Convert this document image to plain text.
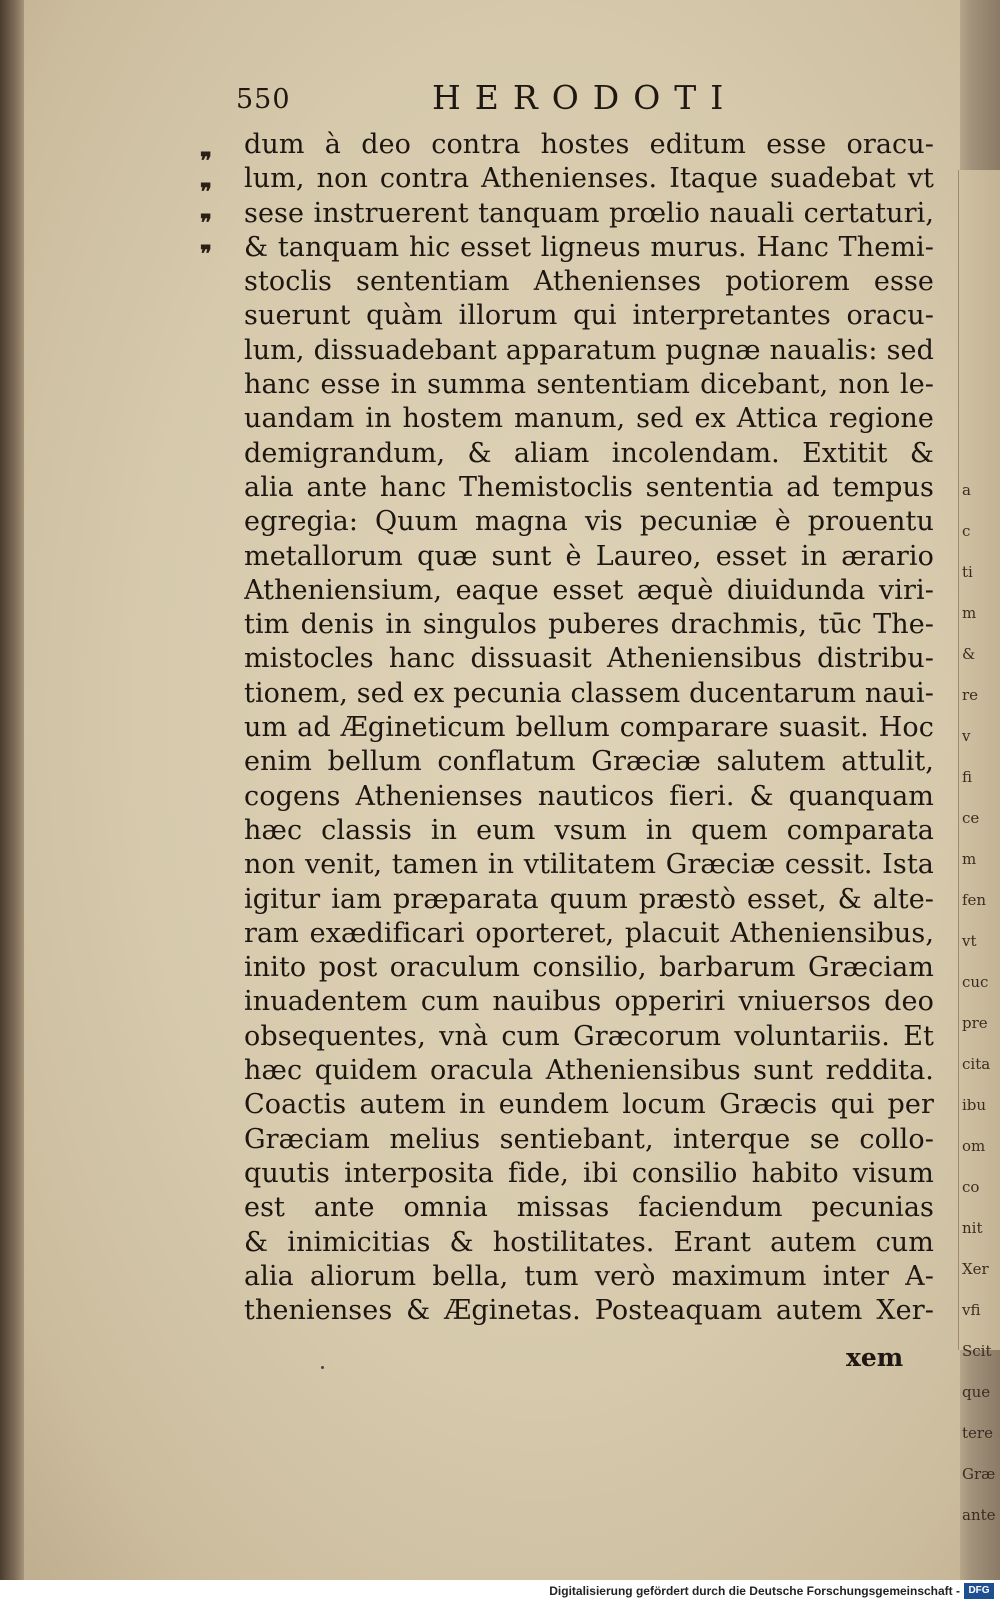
550	HERODOTI
❞
❞
❞
❞
dum à deo contra hostes editum esse oracu-
lum, non contra Athenienses. Itaque suadebat vt
sese instruerent tanquam prœlio nauali certaturi,
& tanquam hic esset ligneus murus. Hanc Themi-
stoclis sententiam Athenienses potiorem esse
suerunt quàm illorum qui interpretantes oracu-
lum, dissuadebant apparatum pugnæ naualis: sed
hanc esse in summa sententiam dicebant, non le-
uandam in hostem manum, sed ex Attica regione
demigrandum, & aliam incolendam. Extitit &
alia ante hanc Themistoclis sententia ad tempus
egregia: Quum magna vis pecuniæ è prouentu
metallorum quæ sunt è Laureo, esset in ærario
Atheniensium, eaque esset æquè diuidunda viri-
tim denis in singulos puberes drachmis, tūc The-
mistocles hanc dissuasit Atheniensibus distribu-
tionem, sed ex pecunia classem ducentarum naui-
um ad Ægineticum bellum comparare suasit. Hoc
enim bellum conflatum Græciæ salutem attulit,
cogens Athenienses nauticos fieri. & quanquam
hæc classis in eum vsum in quem comparata
non venit, tamen in vtilitatem Græciæ cessit. Ista
igitur iam præparata quum præstò esset, & alte-
ram exædificari oporteret, placuit Atheniensibus,
inito post oraculum consilio, barbarum Græciam
inuadentem cum nauibus opperiri vniuersos deo
obsequentes, vnà cum Græcorum voluntariis. Et
hæc quidem oracula Atheniensibus sunt reddita.
Coactis autem in eundem locum Græcis qui per
Græciam melius sentiebant, interque se collo-
quutis interposita fide, ibi consilio habito visum
est ante omnia missas faciendum pecunias
& inimicitias & hostilitates. Erant autem cum
alia aliorum bella, tum verò maximum inter A-
thenienses & Æginetas. Posteaquam autem Xer-
xem
a
c
ti
m
&
re
v
fi
ce
m
fen
vt
cuc
pre
cita
ibu
om
co
nit
Xer
vfi
Scit
que
tere
Græ
ante
Digitalisierung gefördert durch die Deutsche Forschungsgemeinschaft - DFG
